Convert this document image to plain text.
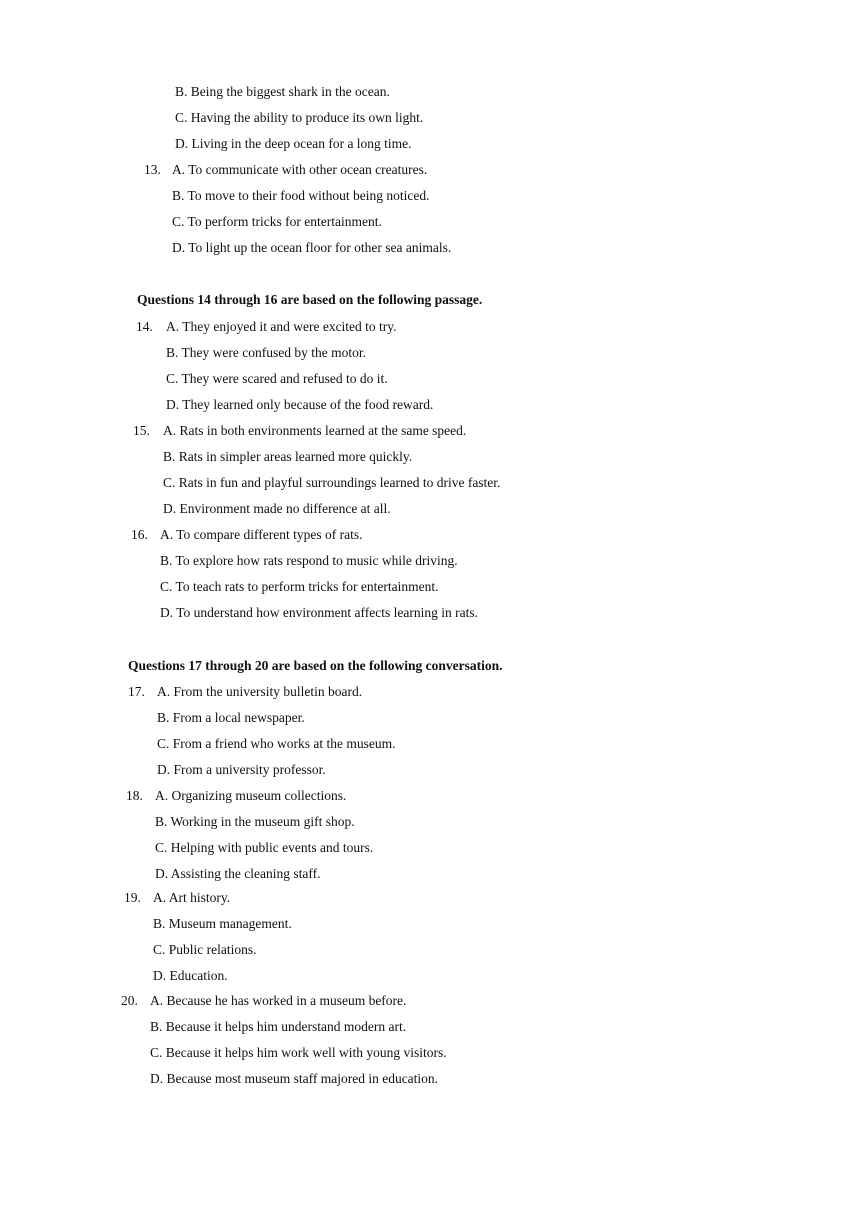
B. Being the biggest shark in the ocean.
C. Having the ability to produce its own light.
D. Living in the deep ocean for a long time.
13. A. To communicate with other ocean creatures.
B. To move to their food without being noticed.
C. To perform tricks for entertainment.
D. To light up the ocean floor for other sea animals.
Questions 14 through 16 are based on the following passage.
14. A. They enjoyed it and were excited to try.
B. They were confused by the motor.
C. They were scared and refused to do it.
D. They learned only because of the food reward.
15. A. Rats in both environments learned at the same speed.
B. Rats in simpler areas learned more quickly.
C. Rats in fun and playful surroundings learned to drive faster.
D. Environment made no difference at all.
16. A. To compare different types of rats.
B. To explore how rats respond to music while driving.
C. To teach rats to perform tricks for entertainment.
D. To understand how environment affects learning in rats.
Questions 17 through 20 are based on the following conversation.
17. A. From the university bulletin board.
B. From a local newspaper.
C. From a friend who works at the museum.
D. From a university professor.
18. A. Organizing museum collections.
B. Working in the museum gift shop.
C. Helping with public events and tours.
D. Assisting the cleaning staff.
19. A. Art history.
B. Museum management.
C. Public relations.
D. Education.
20. A. Because he has worked in a museum before.
B. Because it helps him understand modern art.
C. Because it helps him work well with young visitors.
D. Because most museum staff majored in education.
